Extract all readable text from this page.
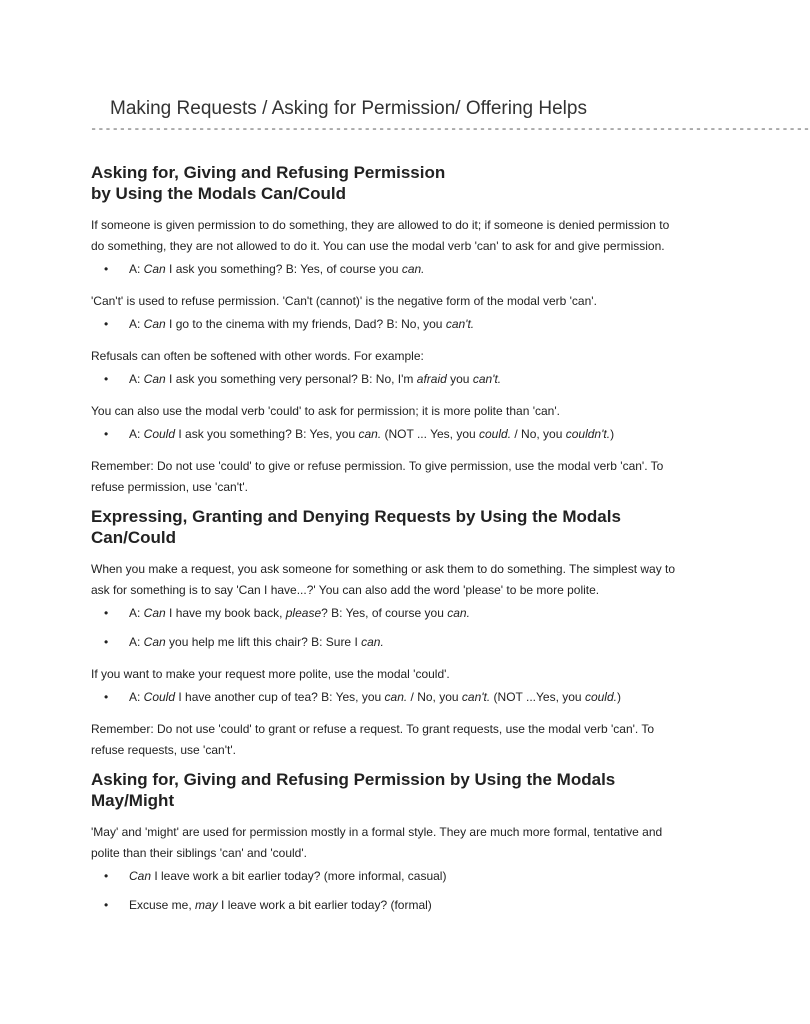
Making Requests / Asking for Permission/ Offering Helps
----------------------------------------------------------------------------------------------------
Asking for, Giving and Refusing Permission
by Using the Modals Can/Could

If someone is given permission to do something, they are allowed to do it; if someone is denied permission to do something, they are not allowed to do it. You can use the modal verb 'can' to ask for and give permission.

• A: Can I ask you something? B: Yes, of course you can.

'Can't' is used to refuse permission. 'Can't (cannot)' is the negative form of the modal verb 'can'.

• A: Can I go to the cinema with my friends, Dad? B: No, you can't.

Refusals can often be softened with other words. For example:

• A: Can I ask you something very personal? B: No, I'm afraid you can't.

You can also use the modal verb 'could' to ask for permission; it is more polite than 'can'.

• A: Could I ask you something? B: Yes, you can. (NOT ... Yes, you could. / No, you couldn't.)

Remember: Do not use 'could' to give or refuse permission. To give permission, use the modal verb 'can'. To refuse permission, use 'can't'.

Expressing, Granting and Denying Requests by Using the Modals Can/Could

When you make a request, you ask someone for something or ask them to do something. The simplest way to ask for something is to say 'Can I have...?' You can also add the word 'please' to be more polite.

• A: Can I have my book back, please? B: Yes, of course you can.
• A: Can you help me lift this chair? B: Sure I can.

If you want to make your request more polite, use the modal 'could'.

• A: Could I have another cup of tea? B: Yes, you can. / No, you can't. (NOT ...Yes, you could.)

Remember: Do not use 'could' to grant or refuse a request. To grant requests, use the modal verb 'can'. To refuse requests, use 'can't'.

Asking for, Giving and Refusing Permission by Using the Modals May/Might

'May' and 'might' are used for permission mostly in a formal style. They are much more formal, tentative and polite than their siblings 'can' and 'could'.

• Can I leave work a bit earlier today? (more informal, casual)
• Excuse me, may I leave work a bit earlier today? (formal)
